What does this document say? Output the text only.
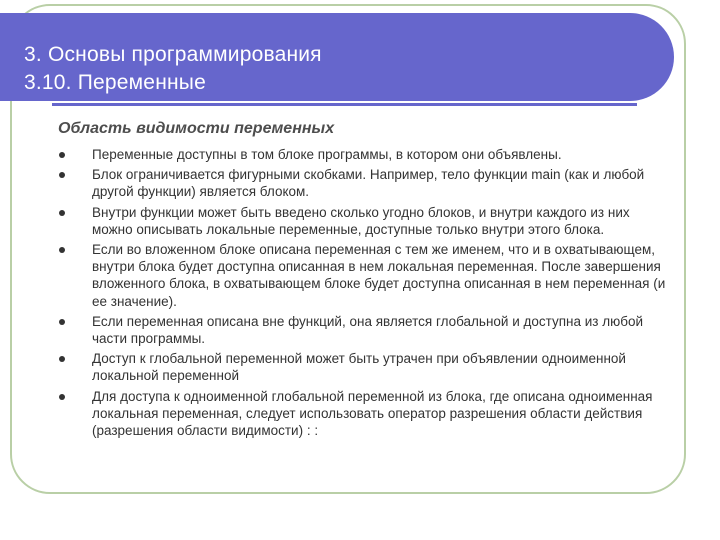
3. Основы программирования
3.10. Переменные
Область видимости переменных
Переменные доступны в том блоке программы, в котором они объявлены.
Блок ограничивается фигурными скобками. Например, тело функции main (как и любой другой функции) является блоком.
Внутри функции может быть введено сколько угодно блоков, и внутри каждого из них можно описывать локальные переменные, доступные только внутри этого блока.
Если во вложенном блоке описана переменная с тем же именем, что и в охватывающем, внутри блока будет доступна описанная в нем локальная переменная. После завершения вложенного блока, в охватывающем блоке будет доступна описанная в нем переменная (и ее значение).
Если переменная описана вне функций, она является глобальной и доступна из любой части программы.
Доступ к глобальной переменной может быть утрачен при объявлении одноименной локальной переменной
Для доступа к одноименной глобальной переменной из блока, где описана одноименная локальная переменная, следует использовать оператор разрешения области действия (разрешения области видимости) : :
